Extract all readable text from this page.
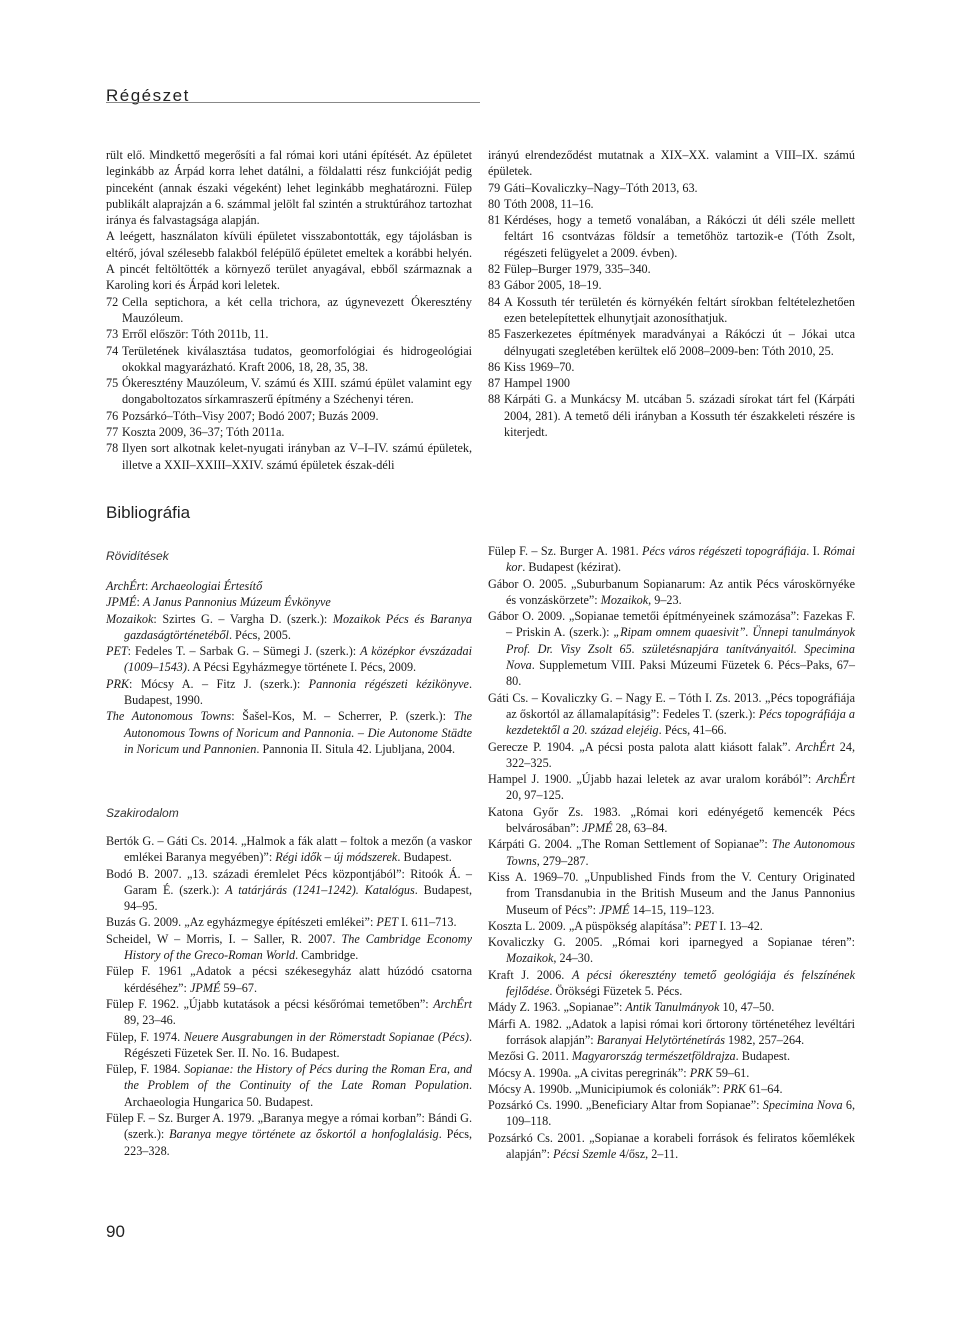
Régészet

rült elő. Mindkettő megerősíti a fal római kori utáni építését. Az épületet leginkább az Árpád korra lehet datálni, a földalatti rész funkcióját pedig pinceként (annak északi végeként) lehet leginkább meghatározni. Fülep publikált alaprajzán a 6. számmal jelölt fal szintén a struktúrához tartozhat iránya és falvastagsága alapján.

A leégett, használaton kívüli épületet visszabontották, egy tájolásban is eltérő, jóval szélesebb falakból felépülő épületet emeltek a korábbi helyén. A pincét feltöltötték a környező terület anyagával, ebből származnak a Karoling kori és Árpád kori leletek.

72 Cella septichora, a két cella trichora, az úgynevezett Ókeresztény Mauzóleum.

73 Erről először: Tóth 2011b, 11.

74 Területének kiválasztása tudatos, geomorfológiai és hidrogeológiai okokkal magyarázható. Kraft 2006, 18, 28, 35, 38.

75 Ókeresztény Mauzóleum, V. számú és XIII. számú épület valamint egy dongaboltozatos sírkamraszerű építmény a Széchenyi téren.

76 Pozsárkó–Tóth–Visy 2007; Bodó 2007; Buzás 2009.

77 Koszta 2009, 36–37; Tóth 2011a.

78 Ilyen sort alkotnak kelet-nyugati irányban az V–I–IV. számú épületek, illetve a XXII–XXIII–XXIV. számú épületek észak-déli

irányú elrendeződést mutatnak a XIX–XX. valamint a VIII–IX. számú épületek.

79 Gáti–Kovaliczky–Nagy–Tóth 2013, 63.

80 Tóth 2008, 11–16.

81 Kérdéses, hogy a temető vonalában, a Rákóczi út déli széle mellett feltárt 16 csontvázas földsír a temetőhöz tartozik-e (Tóth Zsolt, régészeti felügyelet a 2009. évben).

82 Fülep–Burger 1979, 335–340.

83 Gábor 2005, 18–19.

84 A Kossuth tér területén és környékén feltárt sírokban feltételezhetően ezen betelepítettek elhunytjait azonosíthatjuk.

85 Faszerkezetes építmények maradványai a Rákóczi út – Jókai utca délnyugati szegletében kerültek elő 2008–2009-ben: Tóth 2010, 25.

86 Kiss 1969–70.

87 Hampel 1900

88 Kárpáti G. a Munkácsy M. utcában 5. századi sírokat tárt fel (Kárpáti 2004, 281). A temető déli irányban a Kossuth tér északkeleti részére is kiterjedt.

Bibliográfia
Rövidítések

ArchÉrt: Archaeologiai Értesítő

JPMÉ: A Janus Pannonius Múzeum Évkönyve

Mozaikok: Szirtes G. – Vargha D. (szerk.): Mozaikok Pécs és Baranya gazdaságtörténetéből. Pécs, 2005.

PET: Fedeles T. – Sarbak G. – Sümegi J. (szerk.): A középkor évszázadai (1009–1543). A Pécsi Egyházmegye története I. Pécs, 2009.

PRK: Mócsy A. – Fitz J. (szerk.): Pannonia régészeti kézikönyve. Budapest, 1990.

The Autonomous Towns: Šašel-Kos, M. – Scherrer, P. (szerk.): The Autonomous Towns of Noricum and Pannonia. – Die Autonome Städte in Noricum und Pannonien. Pannonia II. Situla 42. Ljubljana, 2004.

Szakirodalom

Bertók G. – Gáti Cs. 2014. „Halmok a fák alatt – foltok a mezőn (a vaskor emlékei Baranya megyében)”: Régi idők – új módszerek. Budapest.

Bodó B. 2007. „13. századi éremlelet Pécs központjából”: Ritoók Á. – Garam É. (szerk.): A tatárjárás (1241–1242). Katalógus. Budapest, 94–95.

Buzás G. 2009. „Az egyházmegye építészeti emlékei”: PET I. 611–713.

Scheidel, W – Morris, I. – Saller, R. 2007. The Cambridge Economy History of the Greco-Roman World. Cambridge.

Fülep F. 1961 „Adatok a pécsi székesegyház alatt húzódó csatorna kérdéséhez”: JPMÉ 59–67.

Fülep F. 1962. „Újabb kutatások a pécsi későrómai temetőben”: ArchÉrt 89, 23–46.

Fülep, F. 1974. Neuere Ausgrabungen in der Römerstadt Sopianae (Pécs). Régészeti Füzetek Ser. II. No. 16. Budapest.

Fülep, F. 1984. Sopianae: the History of Pécs during the Roman Era, and the Problem of the Continuity of the Late Roman Population. Archaeologia Hungarica 50. Budapest.

Fülep F. – Sz. Burger A. 1979. „Baranya megye a római korban”: Bándi G. (szerk.): Baranya megye története az őskortól a honfoglalásig. Pécs, 223–328.

Fülep F. – Sz. Burger A. 1981. Pécs város régészeti topográfiája. I. Római kor. Budapest (kézirat).

Gábor O. 2005. „Suburbanum Sopianarum: Az antik Pécs városkörnyéke és vonzáskörzete”: Mozaikok, 9–23.

Gábor O. 2009. „Sopianae temetői építményeinek számozása”: Fazekas F. – Priskin A. (szerk.): „Ripam omnem quaesivit”. Ünnepi tanulmányok Prof. Dr. Visy Zsolt 65. születésnapjára tanítványaitól. Specimina Nova. Supplemetum VIII. Paksi Múzeumi Füzetek 6. Pécs–Paks, 67–80.

Gáti Cs. – Kovaliczky G. – Nagy E. – Tóth I. Zs. 2013. „Pécs topográfiája az őskortól az államalapításig”: Fedeles T. (szerk.): Pécs topográfiája a kezdetektől a 20. század elejéig. Pécs, 41–66.

Gerecze P. 1904. „A pécsi posta palota alatt kiásott falak”. ArchÉrt 24, 322–325.

Hampel J. 1900. „Újabb hazai leletek az avar uralom korából”: ArchÉrt 20, 97–125.

Katona Győr Zs. 1983. „Római kori edényégető kemencék Pécs belvárosában”: JPMÉ 28, 63–84.

Kárpáti G. 2004. „The Roman Settlement of Sopianae”: The Autonomous Towns, 279–287.

Kiss A. 1969–70. „Unpublished Finds from the V. Century Originated from Transdanubia in the British Museum and the Janus Pannonius Museum of Pécs”: JPMÉ 14–15, 119–123.

Koszta L. 2009. „A püspökség alapítása”: PET I. 13–42.

Kovaliczky G. 2005. „Római kori iparnegyed a Sopianae téren”: Mozaikok, 24–30.

Kraft J. 2006. A pécsi ókeresztény temető geológiája és felszínének fejlődése. Örökségi Füzetek 5. Pécs.

Mády Z. 1963. „Sopianae”: Antik Tanulmányok 10, 47–50.

Márfi A. 1982. „Adatok a lapisi római kori őrtorony történetéhez levéltári források alapján”: Baranyai Helytörténetírás 1982, 257–264.

Mezősi G. 2011. Magyarország természetföldrajza. Budapest.

Mócsy A. 1990a. „A civitas peregrinák”: PRK 59–61.

Mócsy A. 1990b. „Municipiumok és coloniák”: PRK 61–64.

Pozsárkó Cs. 1990. „Beneficiary Altar from Sopianae”: Specimina Nova 6, 109–118.

Pozsárkó Cs. 2001. „Sopianae a korabeli források és feliratos kőemlékek alapján”: Pécsi Szemle 4/ősz, 2–11.

90
